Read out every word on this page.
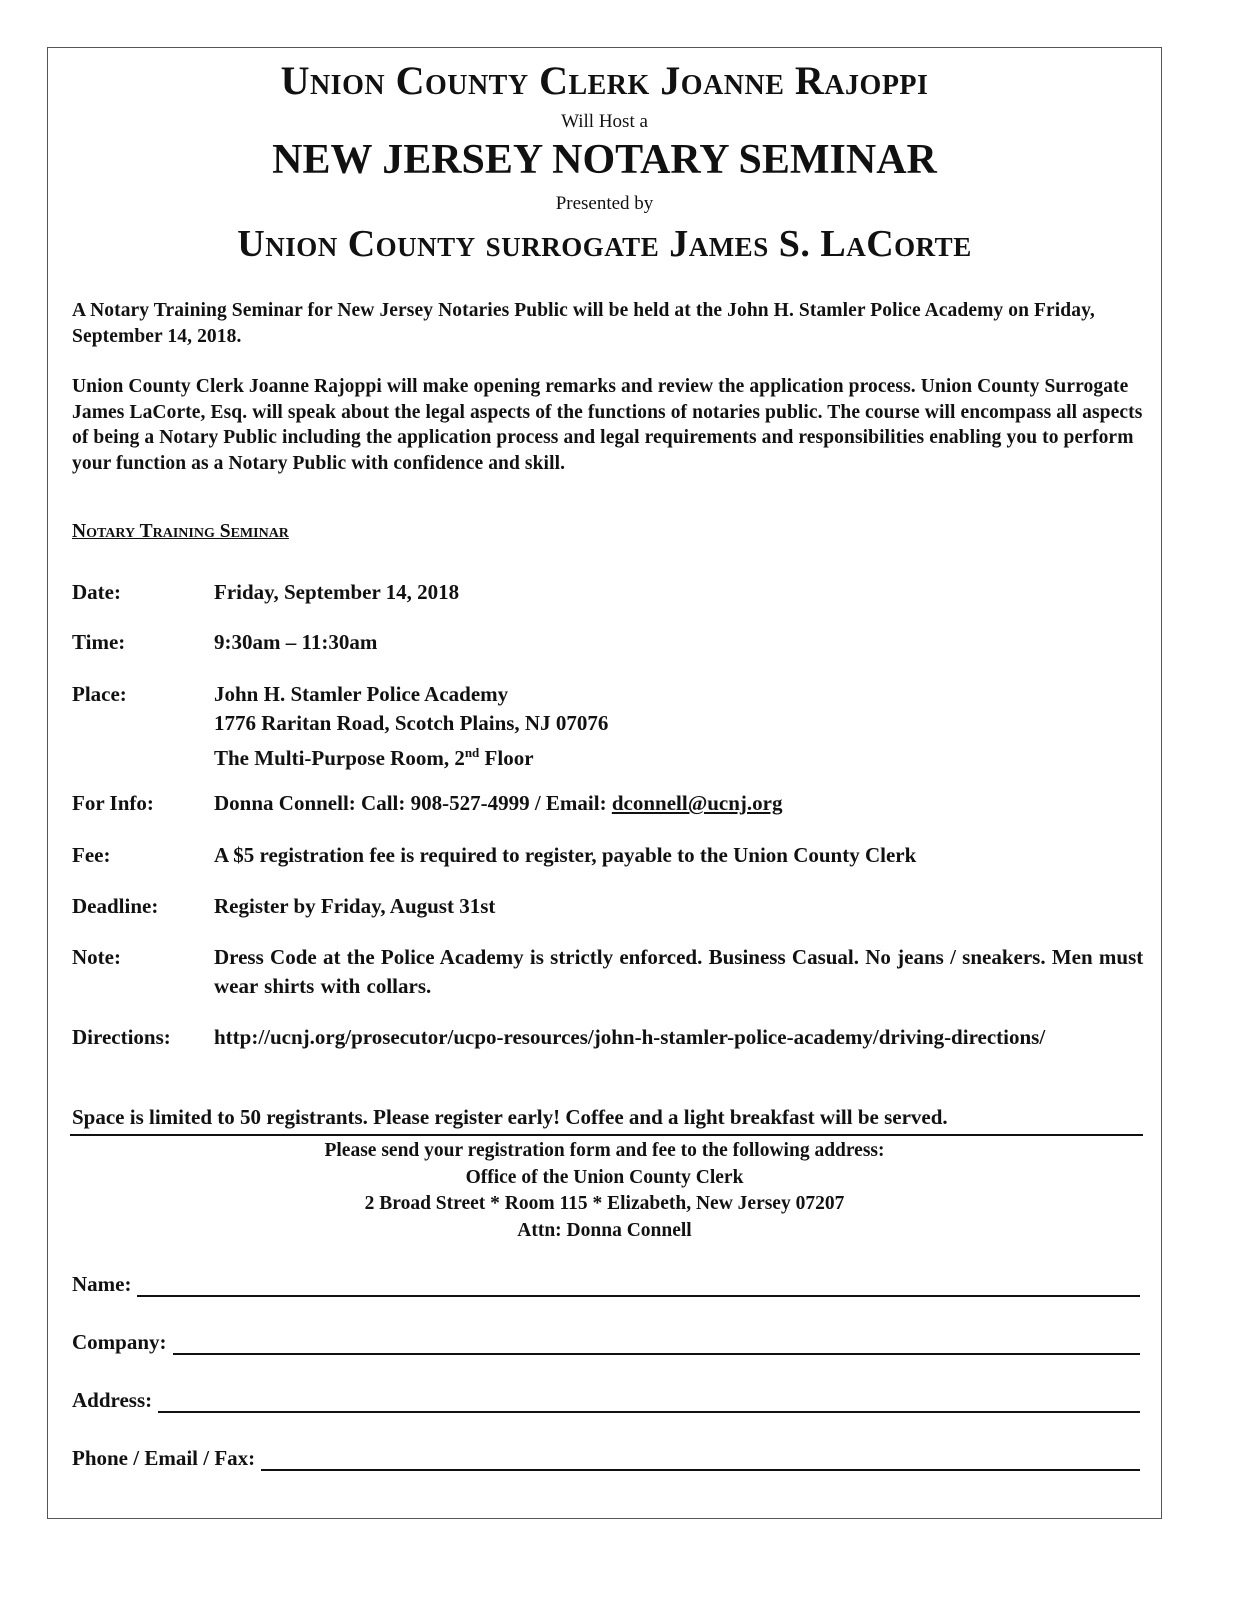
Union County Clerk Joanne Rajoppi
Will Host a
NEW JERSEY NOTARY SEMINAR
Presented by
Union County surrogate James S. LaCorte
A Notary Training Seminar for New Jersey Notaries Public will be held at the John H. Stamler Police Academy on Friday, September 14, 2018.
Union County Clerk Joanne Rajoppi will make opening remarks and review the application process. Union County Surrogate James LaCorte, Esq. will speak about the legal aspects of the functions of notaries public. The course will encompass all aspects of being a Notary Public including the application process and legal requirements and responsibilities enabling you to perform your function as a Notary Public with confidence and skill.
Notary Training Seminar
Date:	Friday, September 14, 2018
Time:	9:30am – 11:30am
Place:	John H. Stamler Police Academy
1776 Raritan Road, Scotch Plains, NJ 07076
The Multi-Purpose Room, 2nd Floor
For Info:	Donna Connell: Call: 908-527-4999 / Email: dconnell@ucnj.org
Fee:	A $5 registration fee is required to register, payable to the Union County Clerk
Deadline:	Register by Friday, August 31st
Note:	Dress Code at the Police Academy is strictly enforced. Business Casual. No jeans / sneakers. Men must wear shirts with collars.
Directions: http://ucnj.org/prosecutor/ucpo-resources/john-h-stamler-police-academy/driving-directions/
Space is limited to 50 registrants. Please register early! Coffee and a light breakfast will be served.
Please send your registration form and fee to the following address:
Office of the Union County Clerk
2 Broad Street * Room 115 * Elizabeth, New Jersey 07207
Attn: Donna Connell
Name:
Company:
Address:
Phone / Email / Fax:
